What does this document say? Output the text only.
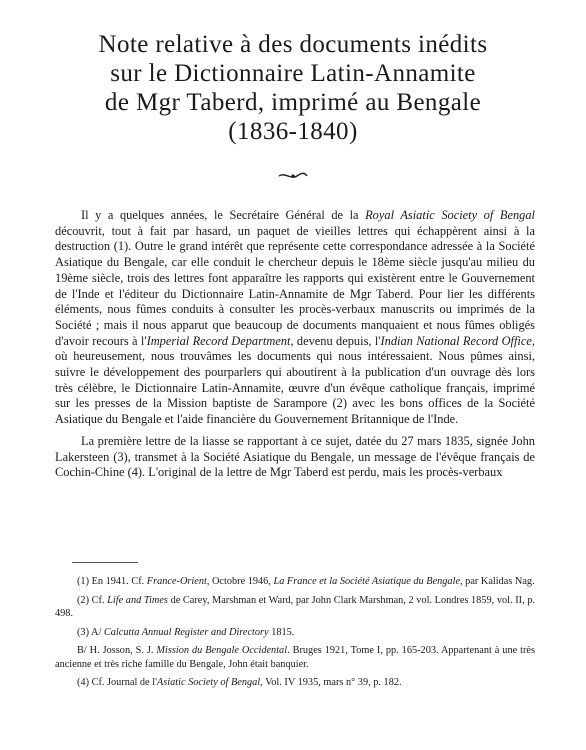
Note relative à des documents inédits
sur le Dictionnaire Latin-Annamite
de Mgr Taberd, imprimé au Bengale
(1836-1840)

Il y a quelques années, le Secrétaire Général de la Royal Asiatic Society of Bengal découvrit, tout à fait par hasard, un paquet de vieilles lettres qui échappèrent ainsi à la destruction (1). Outre le grand intérêt que représente cette correspondance adressée à la Société Asiatique du Bengale, car elle conduit le chercheur depuis le 18ème siècle jusqu'au milieu du 19ème siècle, trois des lettres font apparaître les rapports qui existèrent entre le Gouvernement de l'Inde et l'éditeur du Dictionnaire Latin-Annamite de Mgr Taberd. Pour lier les différents éléments, nous fûmes conduits à consulter les procès-verbaux manuscrits ou imprimés de la Société ; mais il nous apparut que beaucoup de documents manquaient et nous fûmes obligés d'avoir recours à l'Imperial Record Department, devenu depuis, l'Indian National Record Office, où heureusement, nous trouvâmes les documents qui nous intéressaient. Nous pûmes ainsi, suivre le développement des pourparlers qui aboutirent à la publication d'un ouvrage dès lors très célèbre, le Dictionnaire Latin-Annamite, œuvre d'un évêque catholique français, imprimé sur les presses de la Mission baptiste de Sarampore (2) avec les bons offices de la Société Asiatique du Bengale et l'aide financière du Gouvernement Britannique de l'Inde.

La première lettre de la liasse se rapportant à ce sujet, datée du 27 mars 1835, signée John Lakersteen (3), transmet à la Société Asiatique du Bengale, un message de l'évêque français de Cochin-Chine (4). L'original de la lettre de Mgr Taberd est perdu, mais les procès-verbaux

(1) En 1941. Cf. France-Orient, Octobre 1946, La France et la Société Asiatique du Bengale, par Kalidas Nag.
(2) Cf. Life and Times de Carey, Marshman et Ward, par John Clark Marshman, 2 vol. Londres 1859, vol. II, p. 498.
(3) A/ Calcutta Annual Register and Directory 1815.
B/ H. Josson, S. J. Mission du Bengale Occidental. Bruges 1921, Tome I, pp. 165-203. Appartenant à une très ancienne et très riche famille du Bengale, John était banquier.
(4) Cf. Journal de l'Asiatic Society of Bengal, Vol. IV 1935, mars n° 39, p. 182.
